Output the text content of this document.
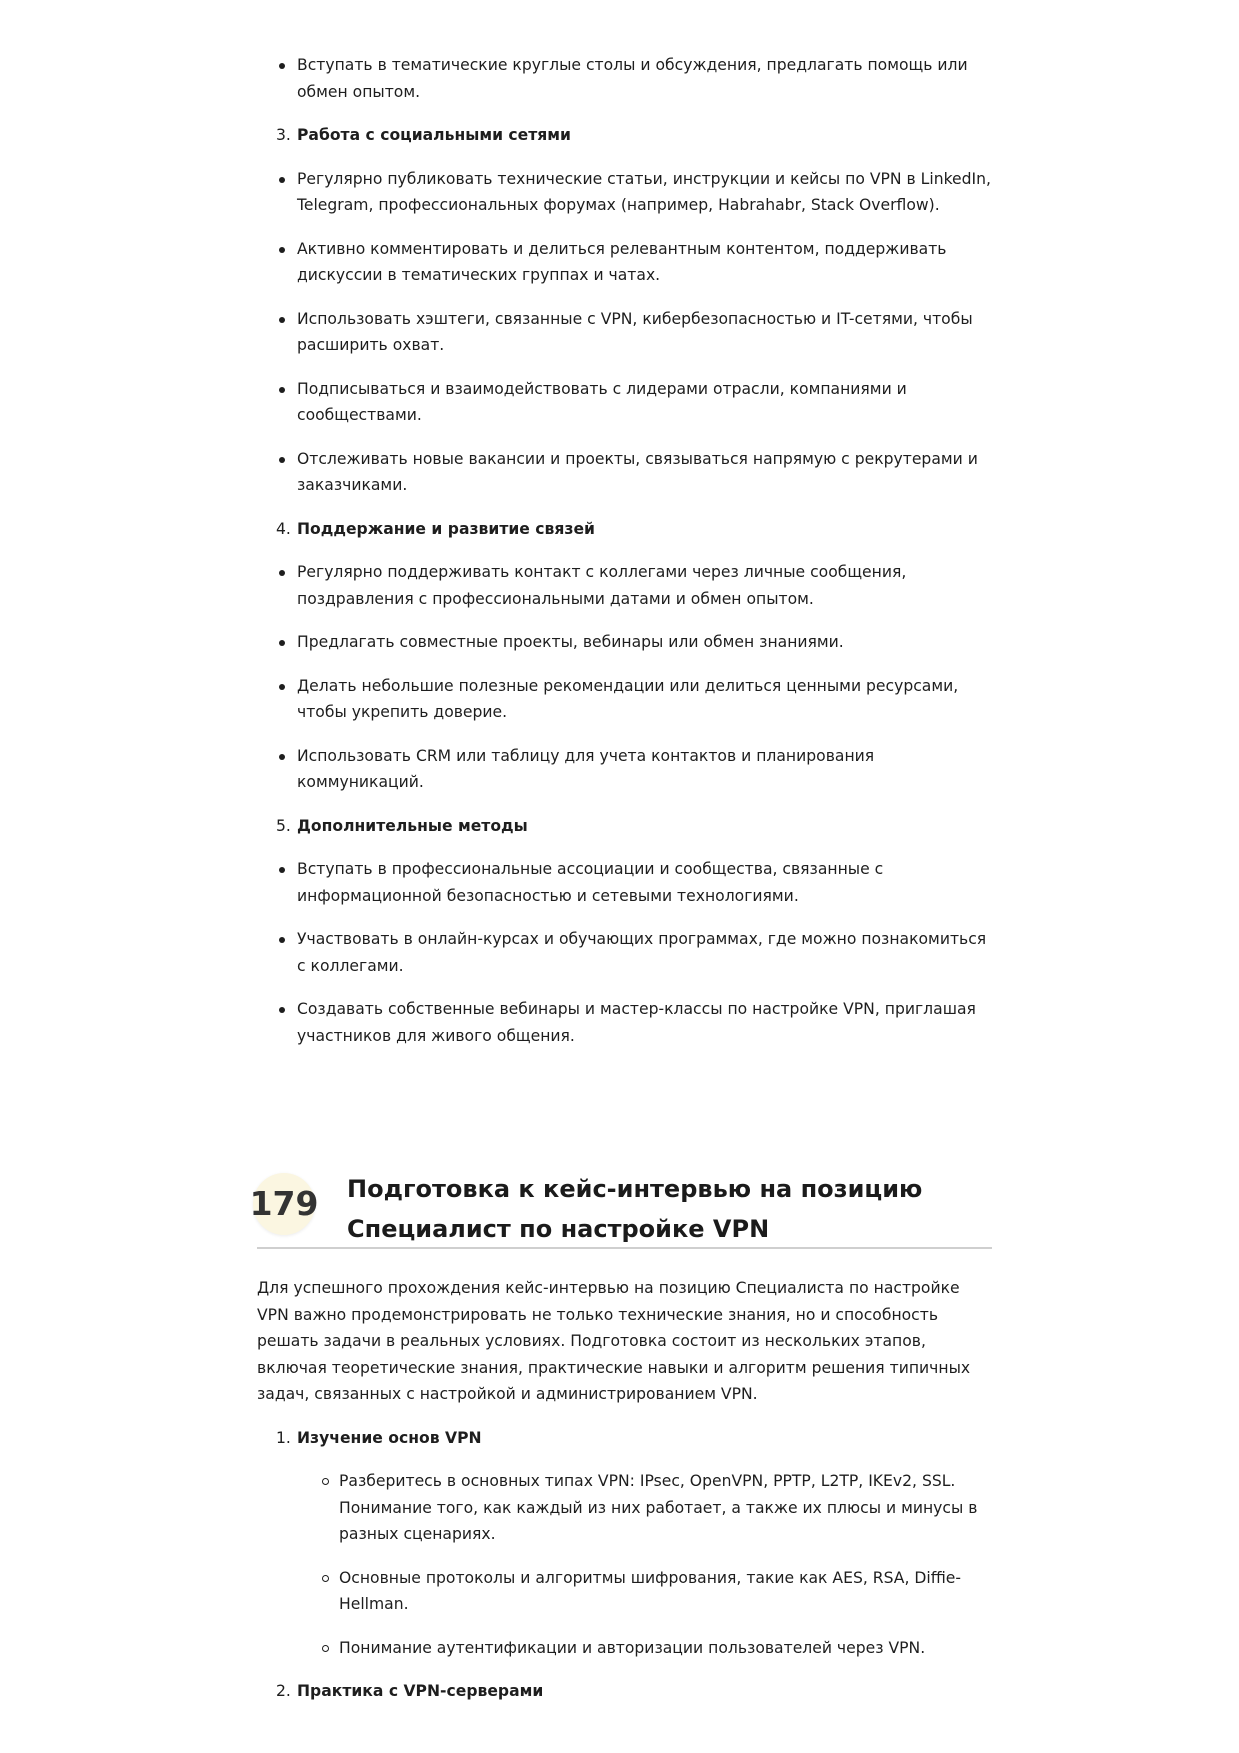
Вступать в тематические круглые столы и обсуждения, предлагать помощь или обмен опытом.
3. Работа с социальными сетями
Регулярно публиковать технические статьи, инструкции и кейсы по VPN в LinkedIn, Telegram, профессиональных форумах (например, Habrahabr, Stack Overflow).
Активно комментировать и делиться релевантным контентом, поддерживать дискуссии в тематических группах и чатах.
Использовать хэштеги, связанные с VPN, кибербезопасностью и IT-сетями, чтобы расширить охват.
Подписываться и взаимодействовать с лидерами отрасли, компаниями и сообществами.
Отслеживать новые вакансии и проекты, связываться напрямую с рекрутерами и заказчиками.
4. Поддержание и развитие связей
Регулярно поддерживать контакт с коллегами через личные сообщения, поздравления с профессиональными датами и обмен опытом.
Предлагать совместные проекты, вебинары или обмен знаниями.
Делать небольшие полезные рекомендации или делиться ценными ресурсами, чтобы укрепить доверие.
Использовать CRM или таблицу для учета контактов и планирования коммуникаций.
5. Дополнительные методы
Вступать в профессиональные ассоциации и сообщества, связанные с информационной безопасностью и сетевыми технологиями.
Участвовать в онлайн-курсах и обучающих программах, где можно познакомиться с коллегами.
Создавать собственные вебинары и мастер-классы по настройке VPN, приглашая участников для живого общения.
179 Подготовка к кейс-интервью на позицию

Специалист по настройке VPN

Для успешного прохождения кейс-интервью на позицию Специалиста по настройке VPN важно продемонстрировать не только технические знания, но и способность решать задачи в реальных условиях. Подготовка состоит из нескольких этапов, включая теоретические знания, практические навыки и алгоритм решения типичных задач, связанных с настройкой и администрированием VPN.

1. Изучение основ VPN
Разберитесь в основных типах VPN: IPsec, OpenVPN, PPTP, L2TP, IKEv2, SSL. Понимание того, как каждый из них работает, а также их плюсы и минусы в разных сценариях.
Основные протоколы и алгоритмы шифрования, такие как AES, RSA, Diffie-Hellman.
Понимание аутентификации и авторизации пользователей через VPN.
2. Практика с VPN-серверами
